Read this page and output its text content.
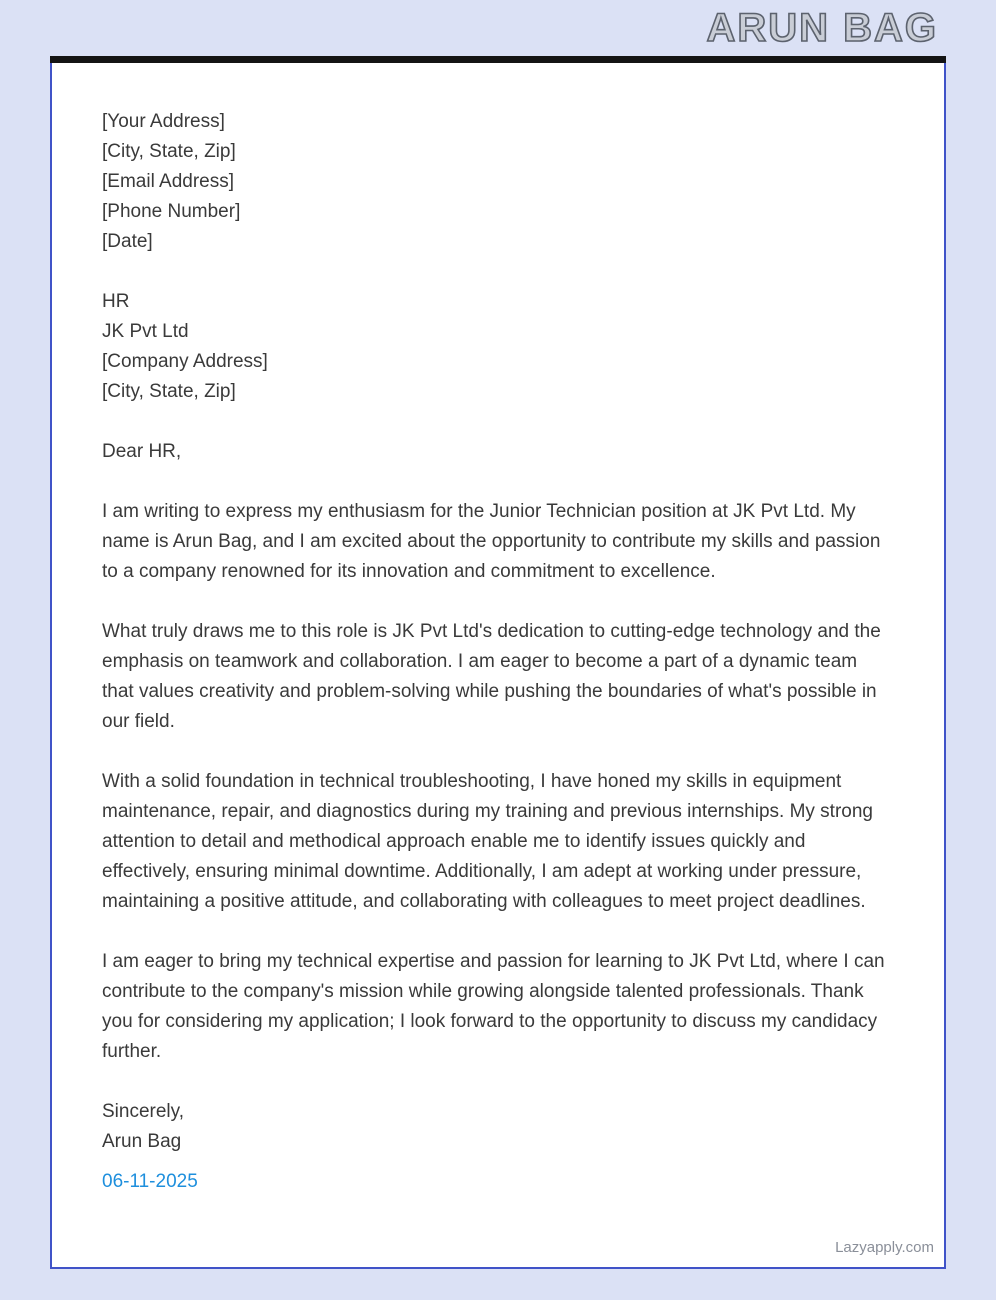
ARUN BAG
[Your Address]
[City, State, Zip]
[Email Address]
[Phone Number]
[Date]
HR
JK Pvt Ltd
[Company Address]
[City, State, Zip]
Dear HR,

I am writing to express my enthusiasm for the Junior Technician position at JK Pvt Ltd. My name is Arun Bag, and I am excited about the opportunity to contribute my skills and passion to a company renowned for its innovation and commitment to excellence.

What truly draws me to this role is JK Pvt Ltd's dedication to cutting-edge technology and the emphasis on teamwork and collaboration. I am eager to become a part of a dynamic team that values creativity and problem-solving while pushing the boundaries of what's possible in our field.

With a solid foundation in technical troubleshooting, I have honed my skills in equipment maintenance, repair, and diagnostics during my training and previous internships. My strong attention to detail and methodical approach enable me to identify issues quickly and effectively, ensuring minimal downtime. Additionally, I am adept at working under pressure, maintaining a positive attitude, and collaborating with colleagues to meet project deadlines.

I am eager to bring my technical expertise and passion for learning to JK Pvt Ltd, where I can contribute to the company's mission while growing alongside talented professionals. Thank you for considering my application; I look forward to the opportunity to discuss my candidacy further.

Sincerely,
Arun Bag
06-11-2025
Lazyapply.com
